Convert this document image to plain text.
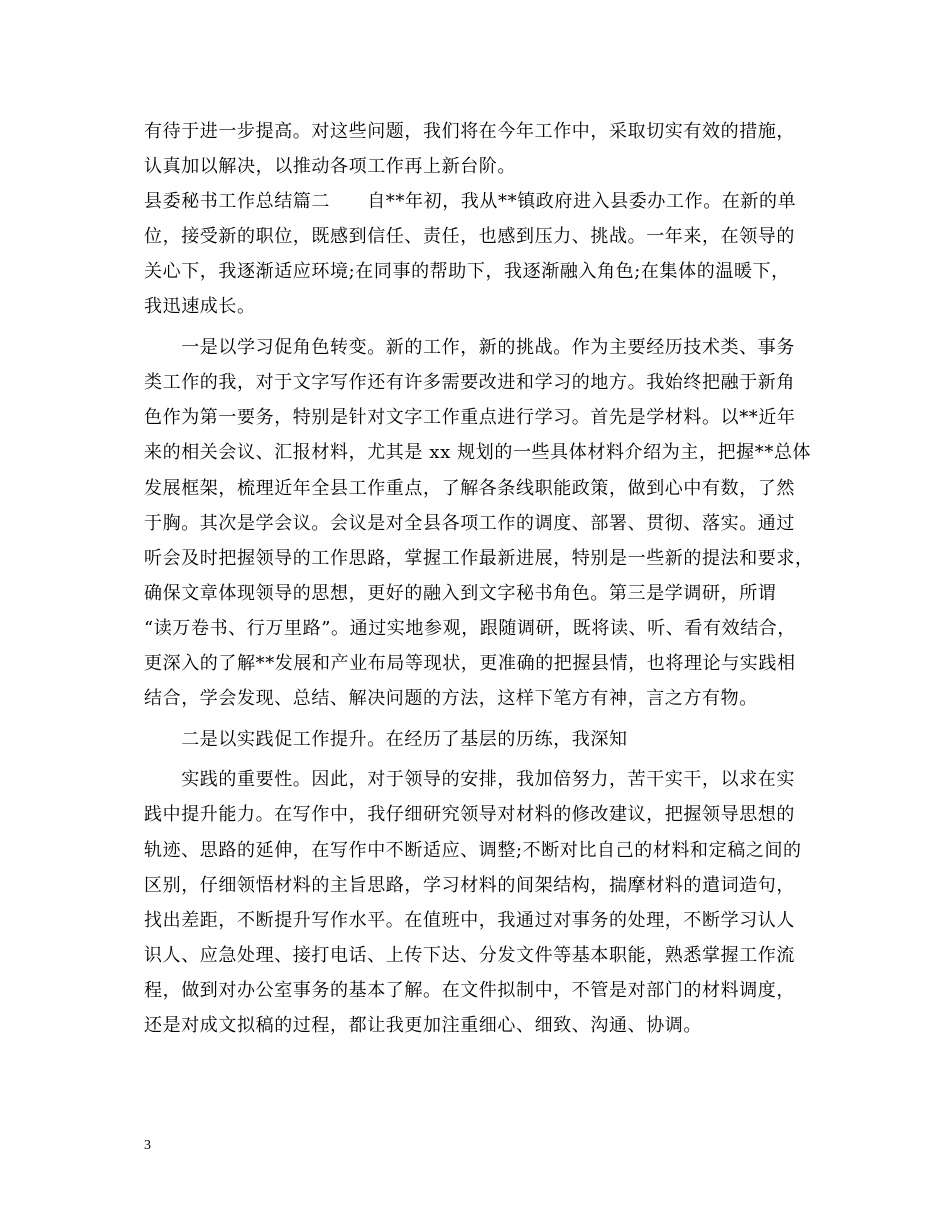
有待于进一步提高。对这些问题，我们将在今年工作中，采取切实有效的措施，
认真加以解决，以推动各项工作再上新台阶。
县委秘书工作总结篇二　　自**年初，我从**镇政府进入县委办工作。在新的单
位，接受新的职位，既感到信任、责任，也感到压力、挑战。一年来，在领导的
关心下，我逐渐适应环境;在同事的帮助下，我逐渐融入角色;在集体的温暖下，
我迅速成长。
　　一是以学习促角色转变。新的工作，新的挑战。作为主要经历技术类、事务
类工作的我，对于文字写作还有许多需要改进和学习的地方。我始终把融于新角
色作为第一要务，特别是针对文字工作重点进行学习。首先是学材料。以**近年
来的相关会议、汇报材料，尤其是 xx 规划的一些具体材料介绍为主，把握**总体
发展框架，梳理近年全县工作重点，了解各条线职能政策，做到心中有数，了然
于胸。其次是学会议。会议是对全县各项工作的调度、部署、贯彻、落实。通过
听会及时把握领导的工作思路，掌握工作最新进展，特别是一些新的提法和要求，
确保文章体现领导的思想，更好的融入到文字秘书角色。第三是学调研，所谓
“读万卷书、行万里路”。通过实地参观，跟随调研，既将读、听、看有效结合，
更深入的了解**发展和产业布局等现状，更准确的把握县情，也将理论与实践相
结合，学会发现、总结、解决问题的方法，这样下笔方有神，言之方有物。
　　二是以实践促工作提升。在经历了基层的历练，我深知
　　实践的重要性。因此，对于领导的安排，我加倍努力，苦干实干，以求在实
践中提升能力。在写作中，我仔细研究领导对材料的修改建议，把握领导思想的
轨迹、思路的延伸，在写作中不断适应、调整;不断对比自己的材料和定稿之间的
区别，仔细领悟材料的主旨思路，学习材料的间架结构，揣摩材料的遣词造句，
找出差距，不断提升写作水平。在值班中，我通过对事务的处理，不断学习认人
识人、应急处理、接打电话、上传下达、分发文件等基本职能，熟悉掌握工作流
程，做到对办公室事务的基本了解。在文件拟制中，不管是对部门的材料调度，
还是对成文拟稿的过程，都让我更加注重细心、细致、沟通、协调。
3
